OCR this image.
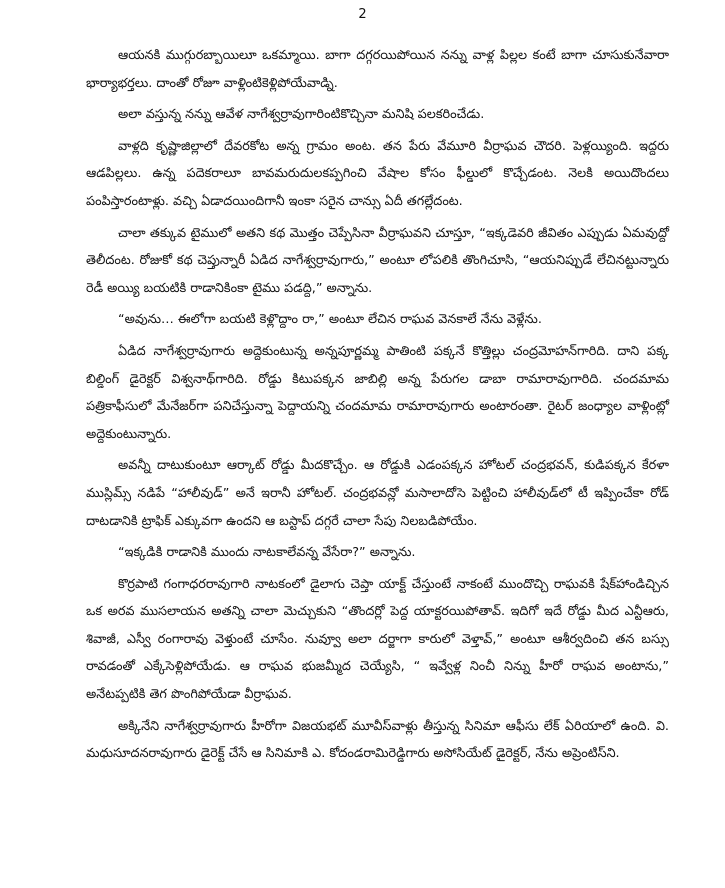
2

ఆయనకి ముగ్గురబ్బాయిలూ ఒకమ్మాయి. బాగా దగ్గరయిపోయిన నన్ను వాళ్ల పిల్లల కంటే బాగా చూసుకునేవారా భార్యాభర్తలు. దాంతో రోజూ వాళ్లింటికెళ్లిపోయేవాడ్ని.

అలా వస్తున్న నన్ను ఆవేళ నాగేశ్వర్రావుగారింటికొచ్చినా మనిషి పలకరించేడు.

వాళ్లది కృష్ణాజిల్లాలో దేవరకోట అన్న గ్రామం అంట. తన పేరు వేమూరి వీర్రాఘవ చౌదరి. పెళ్లయ్యింది. ఇద్దరు ఆడపిల్లలు. ఉన్న పదెకరాలూ బావమరుదులకప్పగించి వేషాల కోసం ఫీల్డులో కొచ్చేడంట. నెలకి అయిదొందలు పంపిస్తారంటాళ్లు. వచ్చి ఏడాదయిందిగానీ ఇంకా సరైన చాన్సు ఏదీ తగల్లేదంట.

చాలా తక్కువ టైములో అతని కథ మొత్తం చెప్పేసినా వీర్రాఘవని చూస్తూ, “ఇక్కడెవరి జీవితం ఎప్పుడు ఏమవుద్దో తెలీదంట. రోజుకో కథ చెప్తున్నారీ ఏడిద నాగేశ్వర్రావుగారు,” అంటూ లోపలికి తొంగిచూసి, “ఆయనిప్పుడే లేచినట్టున్నారు రెడీ అయ్యి బయటికి రాడానికింకా టైము పడద్ది,” అన్నాను.

“అవును… ఈలోగా బయటి కెళ్లొద్దాం రా,” అంటూ లేచిన రాఘవ వెనకాలే నేను వెళ్లేను.

ఏడిద నాగేశ్వర్రావుగారు అద్దెకుంటున్న అన్నపూర్ణమ్మ పాతింటి పక్కనే కొత్తిల్లు చంద్రమోహన్‌గారిది. దాని పక్క బిల్డింగ్ డైరెక్టర్ విశ్వనాథ్‌గారిది. రోడ్డు కిటుపక్కన జాబిల్లి అన్న పేరుగల డాబా రామారావుగారిది. చందమామ పత్రికాఫీసులో మేనేజర్‌గా పనిచేస్తున్నా పెద్దాయన్ని చందమామ రామారావుగారు అంటారంతా. రైటర్ జంధ్యాల వాళ్లింట్లో అద్దెకుంటున్నారు.

అవన్నీ దాటుకుంటూ ఆర్కాట్ రోడ్డు మీదకొచ్చేం. ఆ రోడ్డుకి ఎడంపక్కన హోటల్ చంద్రభవన్, కుడిపక్కన కేరళా ముస్లిమ్స్ నడిపే “హాలీవుడ్” అనే ఇరానీ హోటల్. చంద్రభవన్లో మసాలాదోసె పెట్టించి హాలీవుడ్‌లో టీ ఇప్పించేకా రోడ్ దాటడానికి ట్రాఫిక్ ఎక్కువగా ఉందని ఆ బస్టాప్ దగ్గరే చాలా సేపు నిలబడిపోయేం.

“ఇక్కడికి రాడానికి ముందు నాటకాలేవన్న వేసేరా?” అన్నాను.

కొర్రపాటి గంగాధరరావుగారి నాటకంలో డైలాగు చెప్తా యాక్ట్ చేస్తుంటే నాకంటే ముందొచ్చి రాఘవకి షేక్‌హాండిచ్చిన ఒక అరవ ముసలాయన అతన్ని చాలా మెచ్చుకుని “తొందర్లో పెద్ద యాక్టరయిపోతావ్. ఇదిగో ఇదే రోడ్డు మీద ఎన్టీఆరు, శివాజీ, ఎస్వీ రంగారావు వెళ్తుంటే చూసేం. నువ్వూ అలా దర్జాగా కారులో వెళ్తావ్,” అంటూ ఆశీర్వదించి తన బస్సు రావడంతో ఎక్కేసెళ్లిపోయేడు. ఆ రాఘవ భుజమ్మీద చెయ్యేసి, “ ఇవ్వేళ్ల నించీ నిన్ను హీరో రాఘవ అంటాను,” అనేటప్పటికి తెగ పొంగిపోయేడా వీర్రాఘవ.

అక్కినేని నాగేశ్వర్రావుగారు హీరోగా విజయభట్ మూవీస్‌వాళ్లు తీస్తున్న సినిమా ఆఫీసు లేక్ ఏరియాలో ఉంది. వి. మధుసూదనరావుగారు డైరెక్ట్ చేసే ఆ సినిమాకి ఎ. కోదండరామిరెడ్డిగారు అసోసియేట్ డైరెక్టర్, నేను అప్రెంటిస్‌ని.
